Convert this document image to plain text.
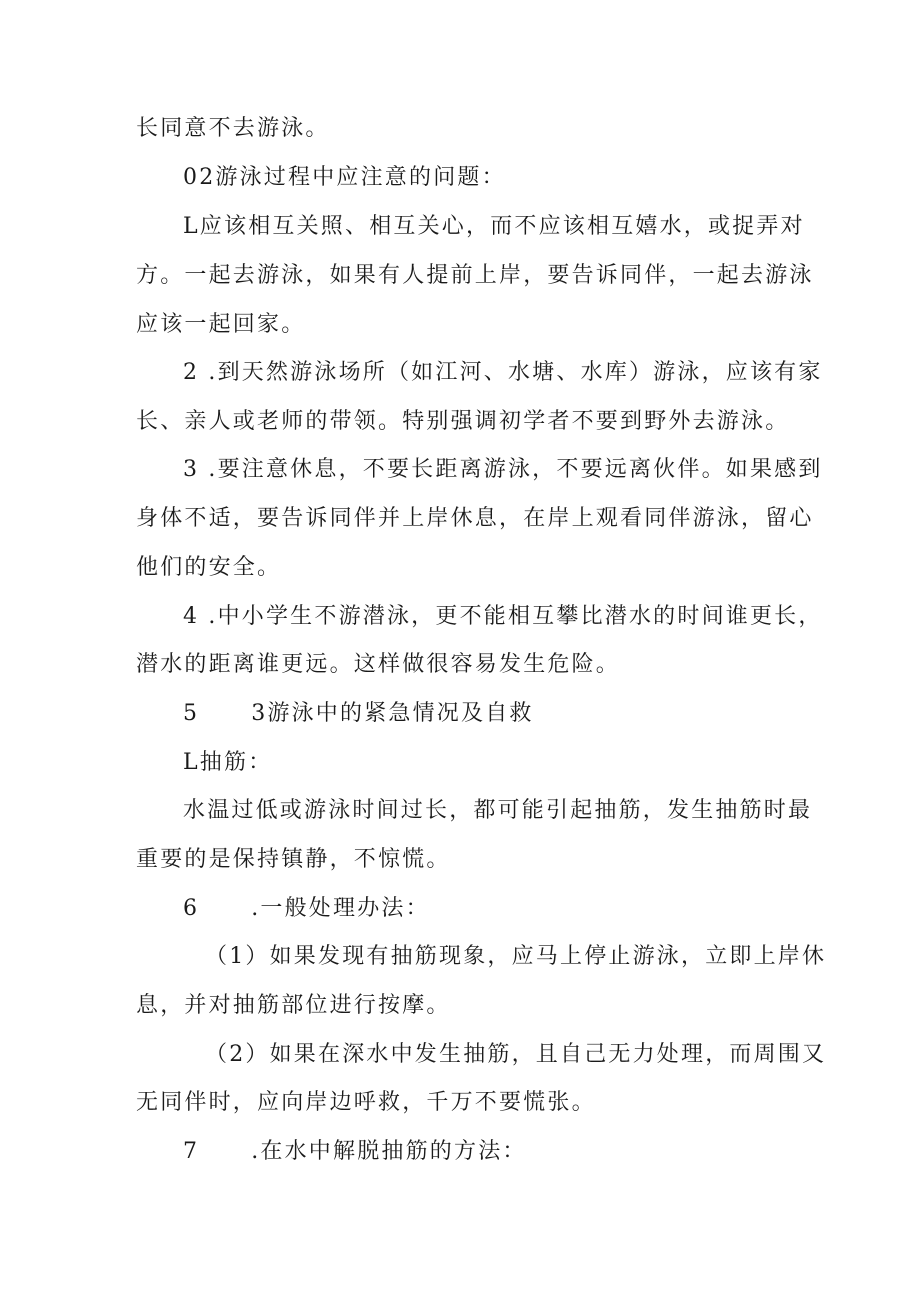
长同意不去游泳。
02游泳过程中应注意的问题：
L应该相互关照、相互关心，而不应该相互嬉水，或捉弄对
方。一起去游泳，如果有人提前上岸，要告诉同伴，一起去游泳
应该一起回家。
2 .到天然游泳场所（如江河、水塘、水库）游泳，应该有家
长、亲人或老师的带领。特别强调初学者不要到野外去游泳。
3 .要注意休息，不要长距离游泳，不要远离伙伴。如果感到
身体不适，要告诉同伴并上岸休息，在岸上观看同伴游泳，留心
他们的安全。
4 .中小学生不游潜泳，更不能相互攀比潜水的时间谁更长，
潜水的距离谁更远。这样做很容易发生危险。
5 3游泳中的紧急情况及自救
L抽筋：
水温过低或游泳时间过长，都可能引起抽筋，发生抽筋时最
重要的是保持镇静，不惊慌。
6 .一般处理办法：
（1）如果发现有抽筋现象，应马上停止游泳，立即上岸休
息，并对抽筋部位进行按摩。
（2）如果在深水中发生抽筋，且自己无力处理，而周围又
无同伴时，应向岸边呼救，千万不要慌张。
7 .在水中解脱抽筋的方法：
